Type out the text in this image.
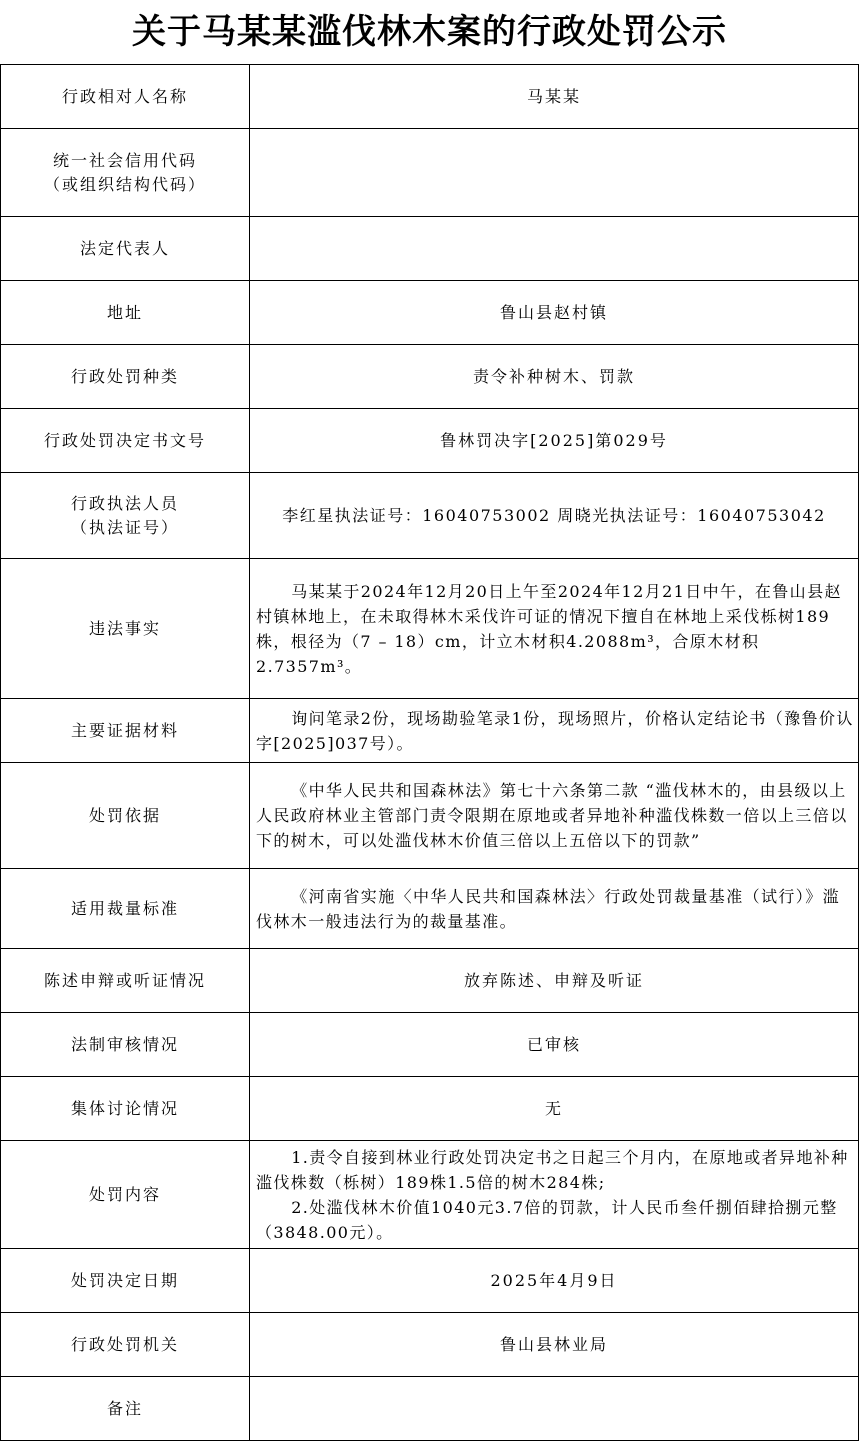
关于马某某滥伐林木案的行政处罚公示
行政相对人名称	马某某

统一社会信用代码
（或组织结构代码）	

法定代表人	
地址	鲁山县赵村镇
行政处罚种类	责令补种树木、罚款
行政处罚决定书文号	鲁林罚决字[2025]第029号

行政执法人员
（执法证号）	李红星执法证号：16040753002 周晓光执法证号：16040753042
违法事实	马某某于2024年12月20日上午至2024年12月21日中午，在鲁山县赵村镇林地上，在未取得林木采伐许可证的情况下擅自在林地上采伐栎树189株，根径为（7 – 18）cm，计立木材积4.2088m³，合原木材积2.7357m³。

主要证据材料	询问笔录2份，现场勘验笔录1份，现场照片，价格认定结论书（豫鲁价认字[2025]037号）。

处罚依据	《中华人民共和国森林法》第七十六条第二款 “滥伐林木的，由县级以上人民政府林业主管部门责令限期在原地或者异地补种滥伐株数一倍以上三倍以下的树木，可以处滥伐林木价值三倍以上五倍以下的罚款”

适用裁量标准	《河南省实施〈中华人民共和国森林法〉行政处罚裁量基准（试行）》滥伐林木一般违法行为的裁量基准。

陈述申辩或听证情况	放弃陈述、申辩及听证
法制审核情况	已审核
集体讨论情况	无
处罚内容	1.责令自接到林业行政处罚决定书之日起三个月内，在原地或者异地补种滥伐株数（栎树）189株1.5倍的树木284株;
2.处滥伐林木价值1040元3.7倍的罚款，计人民币叁仟捌佰肆拾捌元整（3848.00元）。

处罚决定日期	2025年4月9日
行政处罚机关	鲁山县林业局
备注	
